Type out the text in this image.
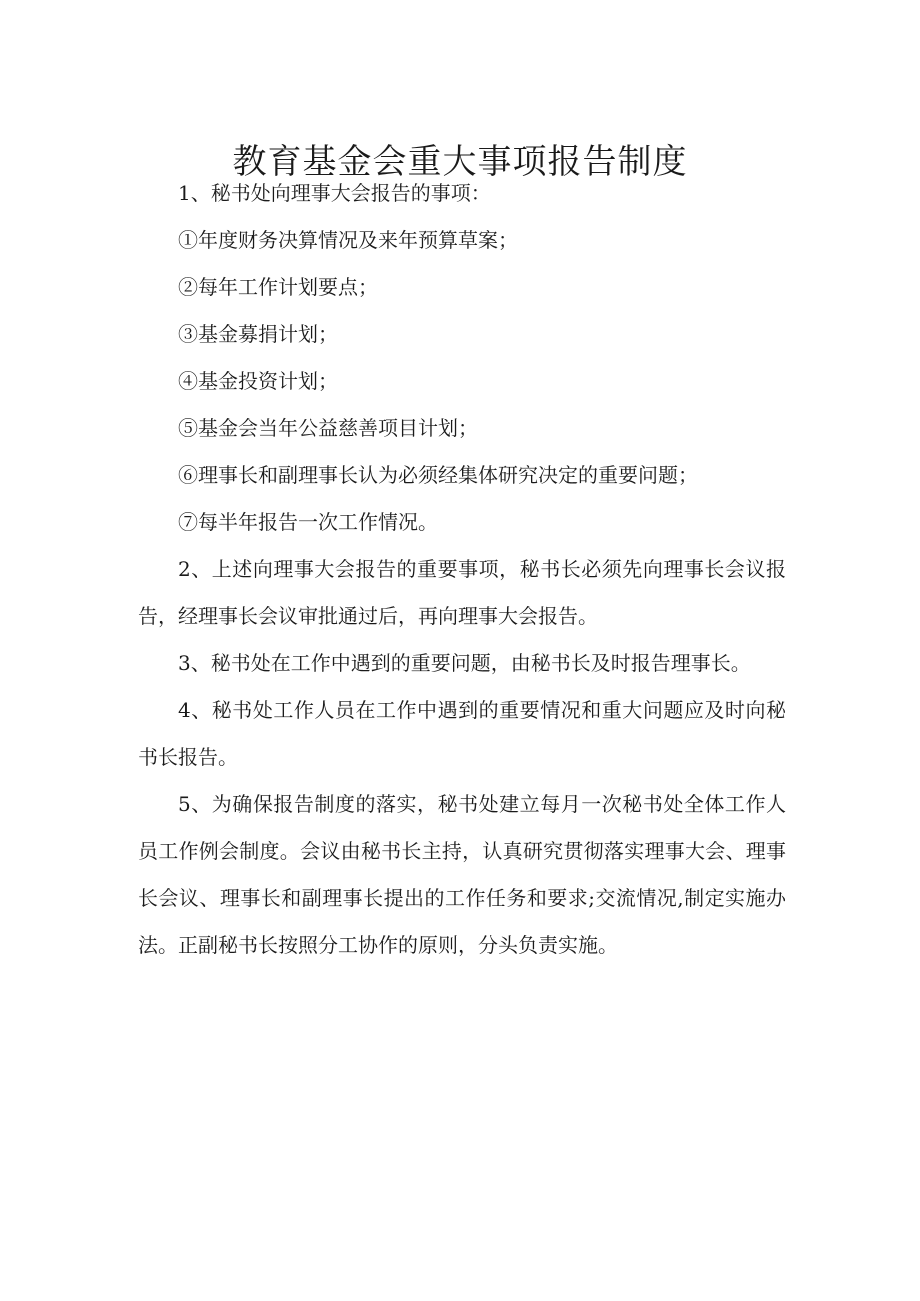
教育基金会重大事项报告制度

1、秘书处向理事大会报告的事项：

①年度财务决算情况及来年预算草案；

②每年工作计划要点；

③基金募捐计划；

④基金投资计划；

⑤基金会当年公益慈善项目计划；

⑥理事长和副理事长认为必须经集体研究决定的重要问题；

⑦每半年报告一次工作情况。

2、上述向理事大会报告的重要事项，秘书长必须先向理事长会议报告，经理事长会议审批通过后，再向理事大会报告。

3、秘书处在工作中遇到的重要问题，由秘书长及时报告理事长。

4、秘书处工作人员在工作中遇到的重要情况和重大问题应及时向秘书长报告。

5、为确保报告制度的落实，秘书处建立每月一次秘书处全体工作人员工作例会制度。会议由秘书长主持，认真研究贯彻落实理事大会、理事长会议、理事长和副理事长提出的工作任务和要求;交流情况,制定实施办法。正副秘书长按照分工协作的原则，分头负责实施。
